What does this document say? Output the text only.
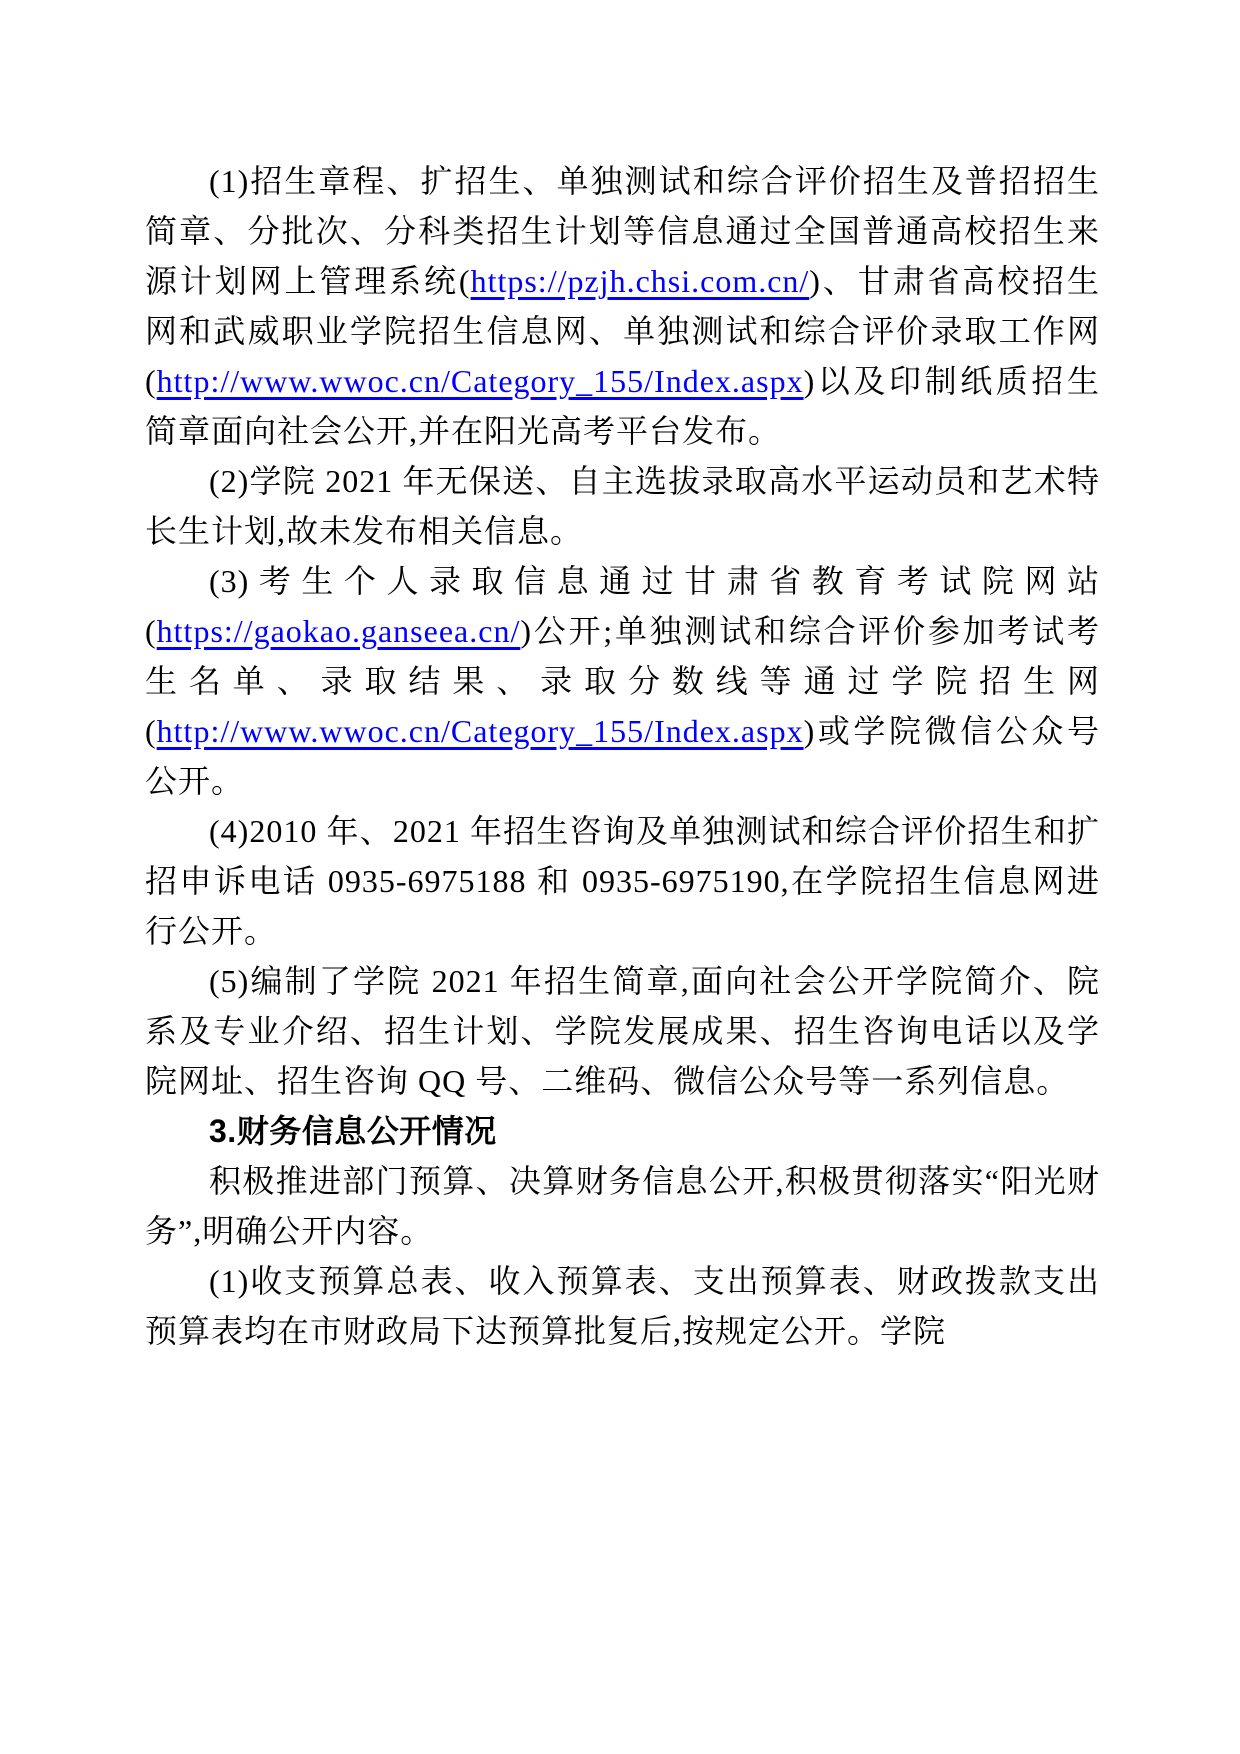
(1)招生章程、扩招生、单独测试和综合评价招生及普招招生简章、分批次、分科类招生计划等信息通过全国普通高校招生来源计划网上管理系统(https://pzjh.chsi.com.cn/)、甘肃省高校招生网和武威职业学院招生信息网、单独测试和综合评价录取工作网(http://www.wwoc.cn/Category_155/Index.aspx)以及印制纸质招生简章面向社会公开,并在阳光高考平台发布。

(2)学院 2021 年无保送、自主选拔录取高水平运动员和艺术特长生计划,故未发布相关信息。

(3)考生个人录取信息通过甘肃省教育考试院网站(https://gaokao.ganseea.cn/)公开;单独测试和综合评价参加考试考生名单、录取结果、录取分数线等通过学院招生网(http://www.wwoc.cn/Category_155/Index.aspx)或学院微信公众号公开。

(4)2010 年、2021 年招生咨询及单独测试和综合评价招生和扩招申诉电话 0935-6975188 和 0935-6975190,在学院招生信息网进行公开。

(5)编制了学院 2021 年招生简章,面向社会公开学院简介、院系及专业介绍、招生计划、学院发展成果、招生咨询电话以及学院网址、招生咨询 QQ 号、二维码、微信公众号等一系列信息。

3.财务信息公开情况

积极推进部门预算、决算财务信息公开,积极贯彻落实“阳光财务”,明确公开内容。

(1)收支预算总表、收入预算表、支出预算表、财政拨款支出预算表均在市财政局下达预算批复后,按规定公开。学院
